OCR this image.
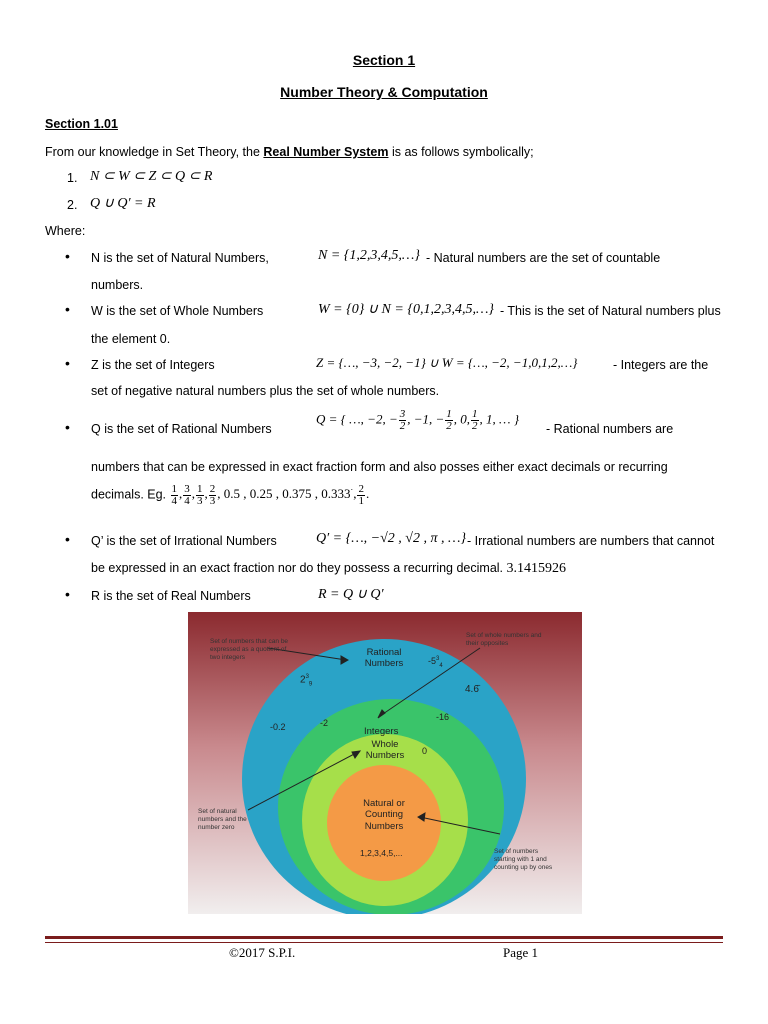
Section 1
Number Theory & Computation
Section 1.01
From our knowledge in Set Theory, the Real Number System is as follows symbolically;
1. N ⊂ W ⊂ Z ⊂ Q ⊂ R
2. Q ∪ Q′ = R
Where:
• N is the set of Natural Numbers,	N = {1,2,3,4,5,…} - Natural numbers are the set of countable
numbers.
• W is the set of Whole Numbers	W = {0} ∪ N = {0,1,2,3,4,5,…} - This is the set of Natural numbers plus
the element 0.
• Z is the set of Integers	Z = {…, −3, −2, −1} ∪ W = {…, −2, −1,0,1,2,…}	- Integers are the
set of negative natural numbers plus the set of whole numbers.
• Q is the set of Rational Numbers
Q = { …, −2, − $\frac{3}{2}$ , −1, − $\frac{1}{2}$ , 0, $\frac{1}{2}$ , 1, … }
- Rational numbers are
numbers that can be expressed in exact fraction form and also posses either exact decimals or recurring
decimals. Eg. $\frac{1}{4}$ , $\frac{3}{4}$ , $\frac{1}{3}$ , $\frac{2}{3}$ , 0.5 , 0.25 , 0.375 , 0.333·, $\frac{2}{1}$ .
• Q’ is the set of Irrational Numbers	Q′ = {…, −√2 , √2 , π , …} - Irrational numbers are numbers that cannot
be expressed in an exact fraction nor do they possess a recurring decimal. 3.1415926
• R is the set of Real Numbers	R = Q ∪ Q′
Rational
Numbers
Integers
Whole
Numbers
Natural or
Counting
Numbers
$2^3_9$
$-5^3_4$
4.6̄
-0.2	-2
-16
0
1,2,3,4,5,...
Set of numbers that can be
expressed as a quotient of
two integers
Set of whole numbers and
their opposites
Set of natural
numbers and the
number zero
Set of numbers
starting with 1 and
counting up by ones
©2017 S.P.I.	Page 1
